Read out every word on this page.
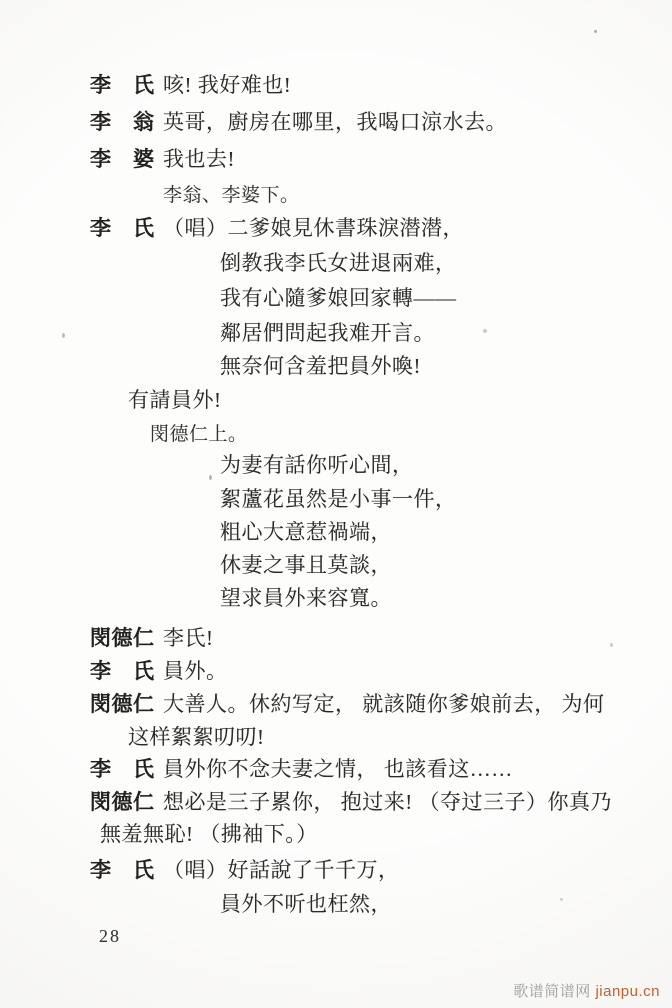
李　氏 咳! 我好难也!
李　翁 英哥，廚房在哪里，我喝口涼水去。
李　婆 我也去!
李翁、李婆下。
李　氏 （唱）二爹娘見休書珠淚潜潜，
倒教我李氏女进退兩难，
我有心隨爹娘回家轉——
鄰居們問起我难开言。
無奈何含羞把員外喚!
有請員外!
閔德仁上。
为妻有話你听心間，
絮蘆花虽然是小事一件，
粗心大意惹禍端，
休妻之事且莫談，
望求員外来容寬。
閔德仁 李氏!
李　氏 員外。
閔德仁 大善人。休約写定， 就該随你爹娘前去， 为何
这样絮絮叨叨!
李　氏 員外你不念夫妻之情， 也該看这……
閔德仁 想必是三子累你， 抱过来! （夺过三子）你真乃
無羞無恥! （拂袖下。）
李　氏 （唱）好話說了千千万，
員外不听也枉然，
28
歌谱简谱网 jianpu.cn
